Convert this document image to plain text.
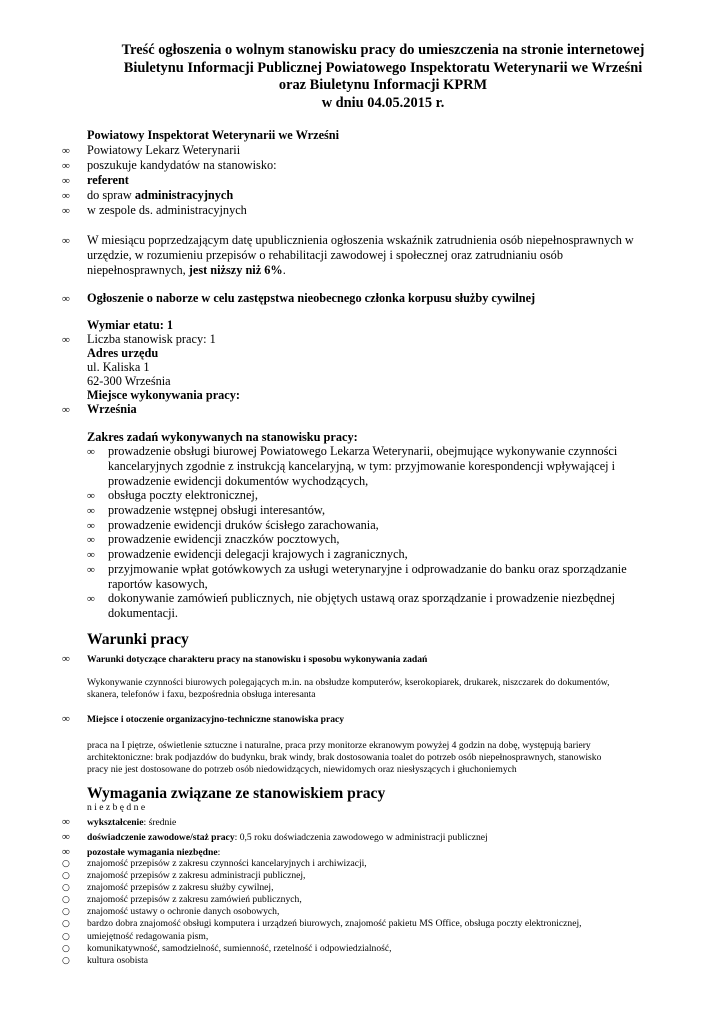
Treść ogłoszenia o wolnym stanowisku pracy do umieszczenia na stronie internetowej
Biuletynu Informacji Publicznej Powiatowego Inspektoratu Weterynarii we Wrześni
oraz Biuletynu Informacji KPRM
w dniu 04.05.2015 r.
Powiatowy Inspektorat Weterynarii we Wrześni
∞ Powiatowy Lekarz Weterynarii
∞ poszukuje kandydatów na stanowisko:
∞ referent
∞ do spraw administracyjnych
∞ w zespole ds. administracyjnych
∞ W miesiącu poprzedzającym datę upublicznienia ogłoszenia wskaźnik zatrudnienia osób niepełnosprawnych w
urzędzie, w rozumieniu przepisów o rehabilitacji zawodowej i społecznej oraz zatrudnianiu osób
niepełnosprawnych, jest niższy niż 6%.
∞ Ogłoszenie o naborze w celu zastępstwa nieobecnego członka korpusu służby cywilnej
Wymiar etatu: 1
∞ Liczba stanowisk pracy: 1
Adres urzędu
ul. Kaliska 1
62-300 Września
Miejsce wykonywania pracy:
∞ Września
Zakres zadań wykonywanych na stanowisku pracy:
∞ prowadzenie obsługi biurowej Powiatowego Lekarza Weterynarii, obejmujące wykonywanie czynności
kancelaryjnych zgodnie z instrukcją kancelaryjną, w tym: przyjmowanie korespondencji wpływającej i
prowadzenie ewidencji dokumentów wychodzących,
∞ obsługa poczty elektronicznej,
∞ prowadzenie wstępnej obsługi interesantów,
∞ prowadzenie ewidencji druków ścisłego zarachowania,
∞ prowadzenie ewidencji znaczków pocztowych,
∞ prowadzenie ewidencji delegacji krajowych i zagranicznych,
∞ przyjmowanie wpłat gotówkowych za usługi weterynaryjne i odprowadzanie do banku oraz sporządzanie
raportów kasowych,
∞ dokonywanie zamówień publicznych, nie objętych ustawą oraz sporządzanie i prowadzenie niezbędnej
dokumentacji.
Warunki pracy
∞ Warunki dotyczące charakteru pracy na stanowisku i sposobu wykonywania zadań
Wykonywanie czynności biurowych polegających m.in. na obsłudze komputerów, kserokopiarek, drukarek, niszczarek do dokumentów,
skanera, telefonów i faxu, bezpośrednia obsługa interesanta
∞ Miejsce i otoczenie organizacyjno-techniczne stanowiska pracy
praca na I piętrze, oświetlenie sztuczne i naturalne, praca przy monitorze ekranowym powyżej 4 godzin na dobę, występują bariery
architektoniczne: brak podjazdów do budynku, brak windy, brak dostosowania toalet do potrzeb osób niepełnosprawnych, stanowisko
pracy nie jest dostosowane do potrzeb osób niedowidzących, niewidomych oraz niesłyszących i głuchoniemych
Wymagania związane ze stanowiskiem pracy
n i e z b ę d n e
∞ wykształcenie: średnie
∞ doświadczenie zawodowe/staż pracy: 0,5 roku doświadczenia zawodowego w administracji publicznej
∞ pozostałe wymagania niezbędne:
○ znajomość przepisów z zakresu czynności kancelaryjnych i archiwizacji,
○ znajomość przepisów z zakresu administracji publicznej,
○ znajomość przepisów z zakresu służby cywilnej,
○ znajomość przepisów z zakresu zamówień publicznych,
○ znajomość ustawy o ochronie danych osobowych,
○ bardzo dobra znajomość obsługi komputera i urządzeń biurowych, znajomość pakietu MS Office, obsługa poczty elektronicznej,
○ umiejętność redagowania pism,
○ komunikatywność, samodzielność, sumienność, rzetelność i odpowiedzialność,
○ kultura osobista
